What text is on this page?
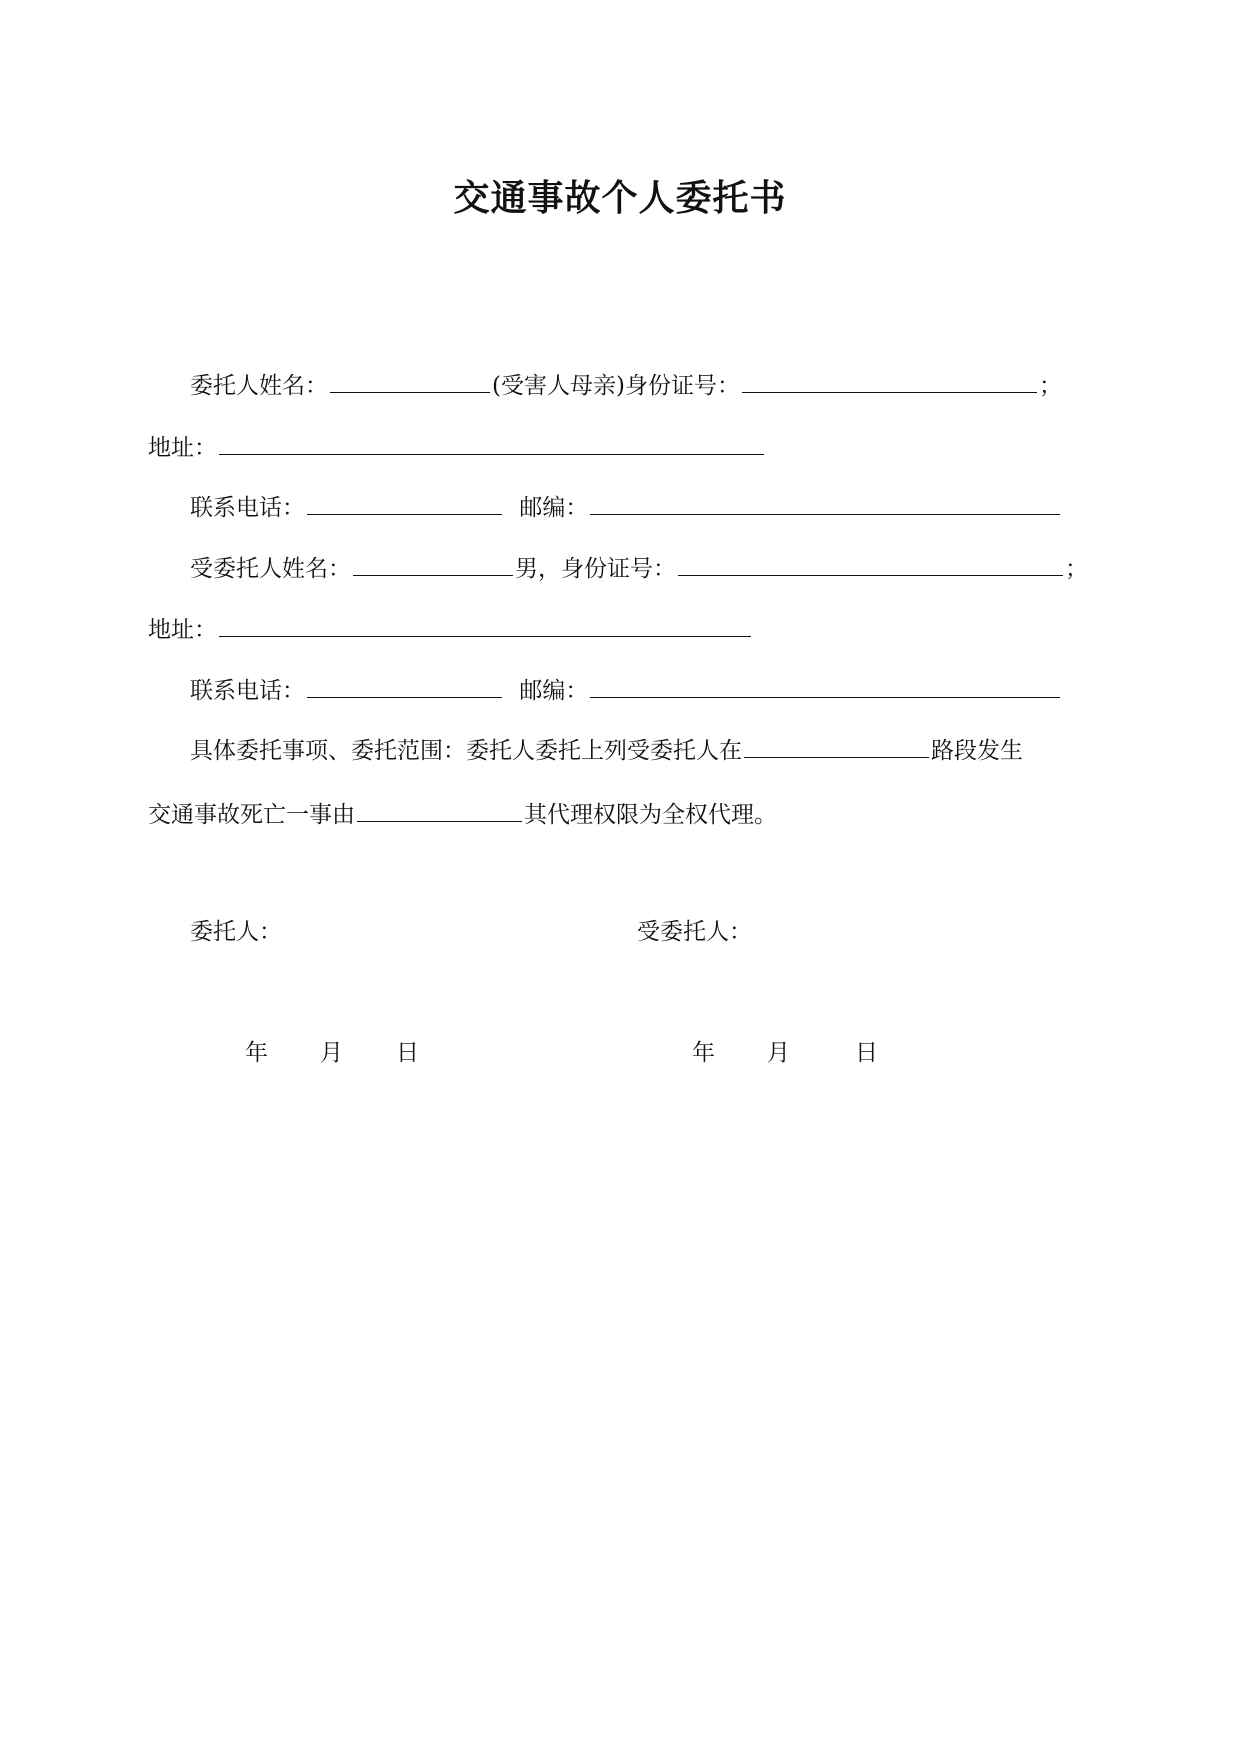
交通事故个人委托书
委托人姓名：	(受害人母亲)身份证号：	；
地址：
联系电话：	邮编：
受委托人姓名：	男，身份证号：	；
地址：
联系电话：	邮编：
具体委托事项、委托范围：委托人委托上列受委托人在	路段发生
交通事故死亡一事由	其代理权限为全权代理。
委托人：	受委托人：
年 月 日	年 月	日
